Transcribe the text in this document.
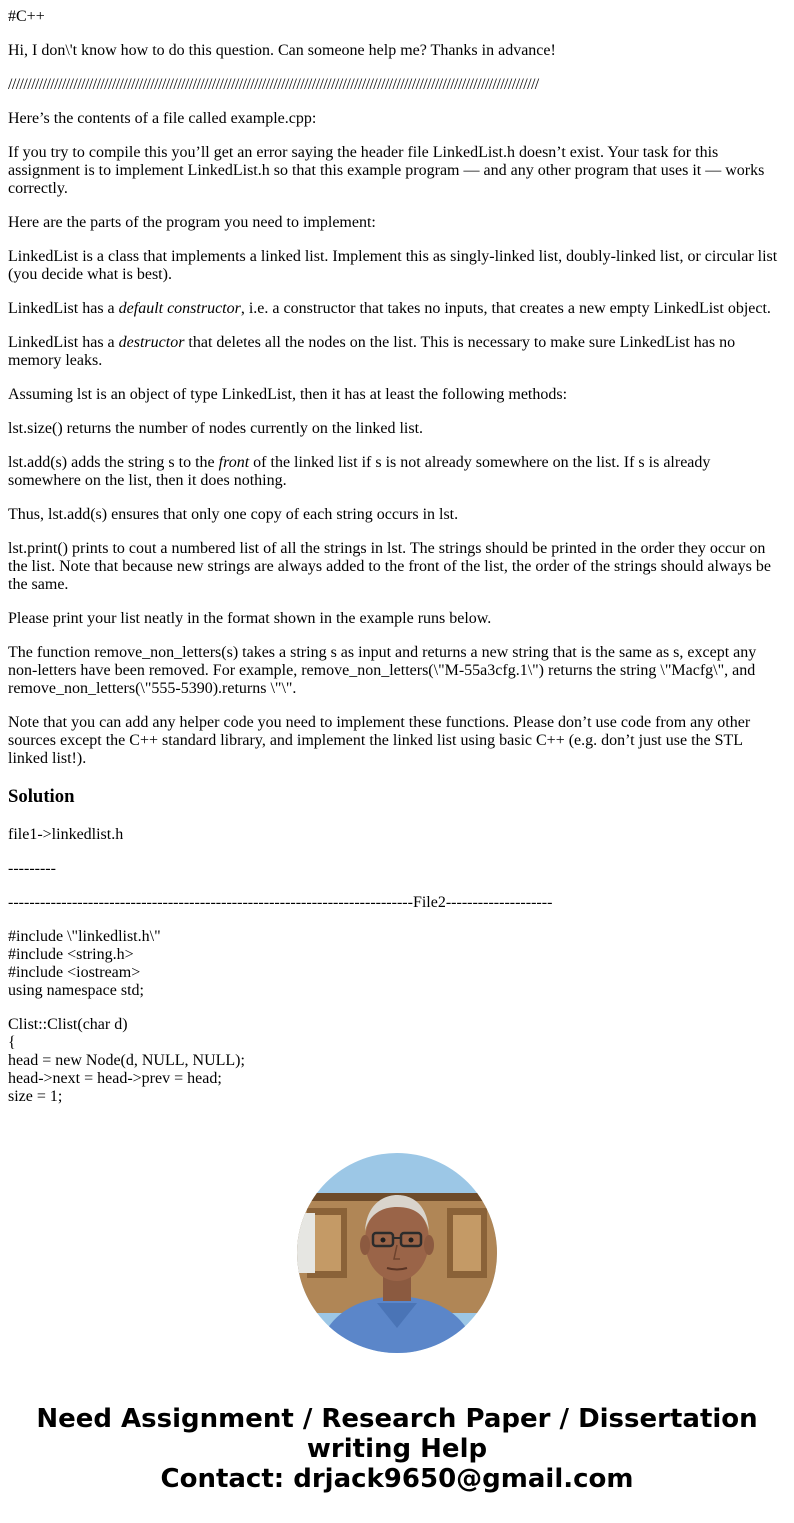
#C++

Hi, I don\'t know how to do this question. Can someone help me? Thanks in advance!

//////////////////////////////////////////////////////////////////////////////////////////////////////////////////////////////////////////

Here’s the contents of a file called example.cpp:

If you try to compile this you’ll get an error saying the header file LinkedList.h doesn’t exist. Your task for this assignment is to implement LinkedList.h so that this example program — and any other program that uses it — works correctly.

Here are the parts of the program you need to implement:

LinkedList is a class that implements a linked list. Implement this as singly-linked list, doubly-linked list, or circular list (you decide what is best).

LinkedList has a default constructor, i.e. a constructor that takes no inputs, that creates a new empty LinkedList object.

LinkedList has a destructor that deletes all the nodes on the list. This is necessary to make sure LinkedList has no memory leaks.

Assuming lst is an object of type LinkedList, then it has at least the following methods:

lst.size() returns the number of nodes currently on the linked list.

lst.add(s) adds the string s to the front of the linked list if s is not already somewhere on the list. If s is already somewhere on the list, then it does nothing.

Thus, lst.add(s) ensures that only one copy of each string occurs in lst.

lst.print() prints to cout a numbered list of all the strings in lst. The strings should be printed in the order they occur on the list. Note that because new strings are always added to the front of the list, the order of the strings should always be the same.

Please print your list neatly in the format shown in the example runs below.

The function remove_non_letters(s) takes a string s as input and returns a new string that is the same as s, except any non-letters have been removed. For example, remove_non_letters(\"M-55a3cfg.1\") returns the string \"Macfg\", and remove_non_letters(\"555-5390).returns \"\".

Note that you can add any helper code you need to implement these functions. Please don’t use code from any other sources except the C++ standard library, and implement the linked list using basic C++ (e.g. don’t just use the STL linked list!).

Solution

file1->linkedlist.h

---------

----------------------------------------------------------------------------File2--------------------

#include \"linkedlist.h\"
#include <string.h>
#include <iostream>
using namespace std;
Clist::Clist(char d)
{
head = new Node(d, NULL, NULL);
head->next = head->prev = head;
size = 1;
Need Assignment / Research Paper / Dissertation
writing Help
Contact: drjack9650@gmail.com
